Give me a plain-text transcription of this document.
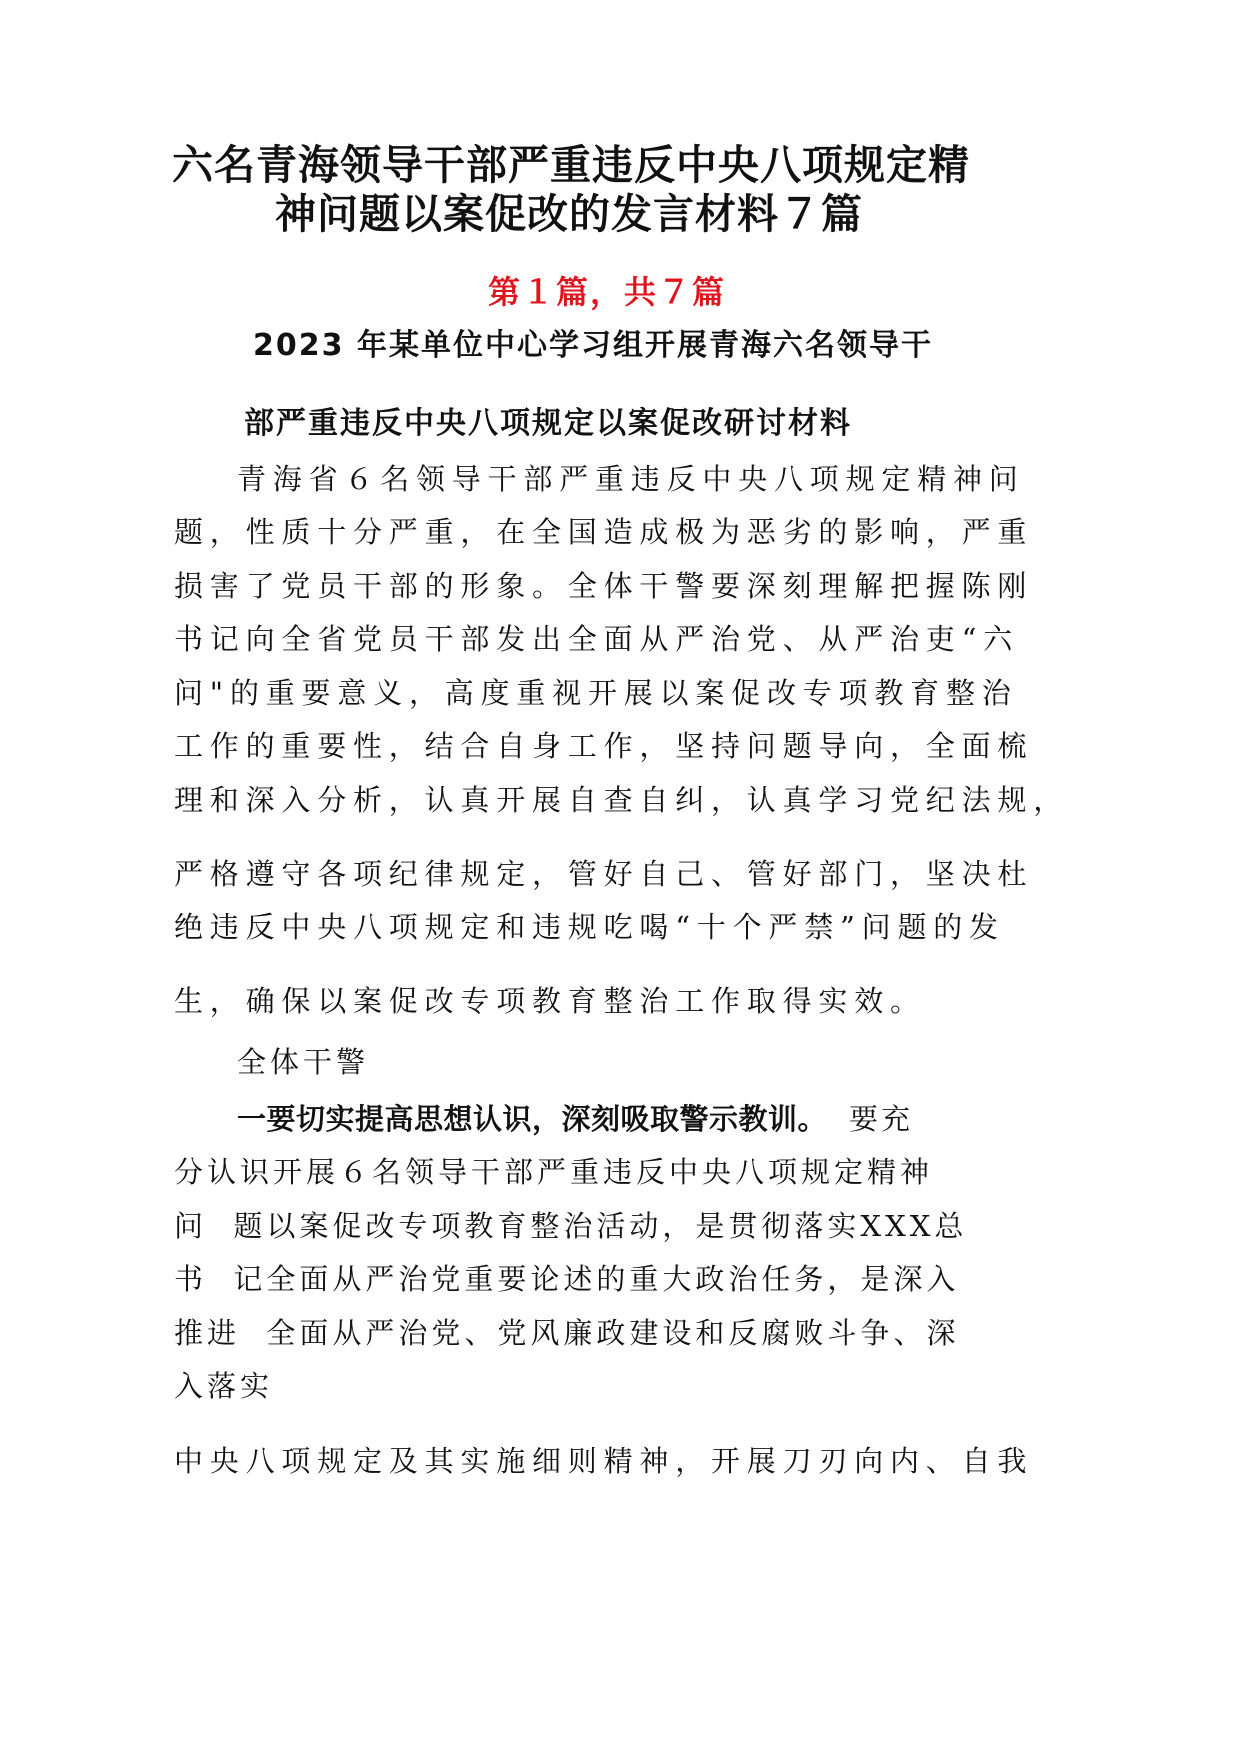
六名青海领导干部严重违反中央八项规定精
神问题以案促改的发言材料７篇
第１篇，共７篇
2023 年某单位中心学习组开展青海六名领导干
部严重违反中央八项规定以案促改研讨材料
青海省６名领导干部严重违反中央八项规定精神问
题，性质十分严重，在全国造成极为恶劣的影响，严重
损害了党员干部的形象。全体干警要深刻理解把握陈刚
书记向全省党员干部发出全面从严治党、从严治吏“六
问"的重要意义，高度重视开展以案促改专项教育整治
工作的重要性，结合自身工作，坚持问题导向，全面梳
理和深入分析，认真开展自查自纠，认真学习党纪法规，
严格遵守各项纪律规定，管好自己、管好部门，坚决杜
绝违反中央八项规定和违规吃喝“十个严禁”问题的发
生，确保以案促改专项教育整治工作取得实效。
全体干警
一要切实提高思想认识，深刻吸取警示教训。 要充
分认识开展６名领导干部严重违反中央八项规定精神
问  题以案促改专项教育整治活动，是贯彻落实XXX总
书  记全面从严治党重要论述的重大政治任务，是深入
推进  全面从严治党、党风廉政建设和反腐败斗争、深
入落实
中央八项规定及其实施细则精神，开展刀刃向内、自我
